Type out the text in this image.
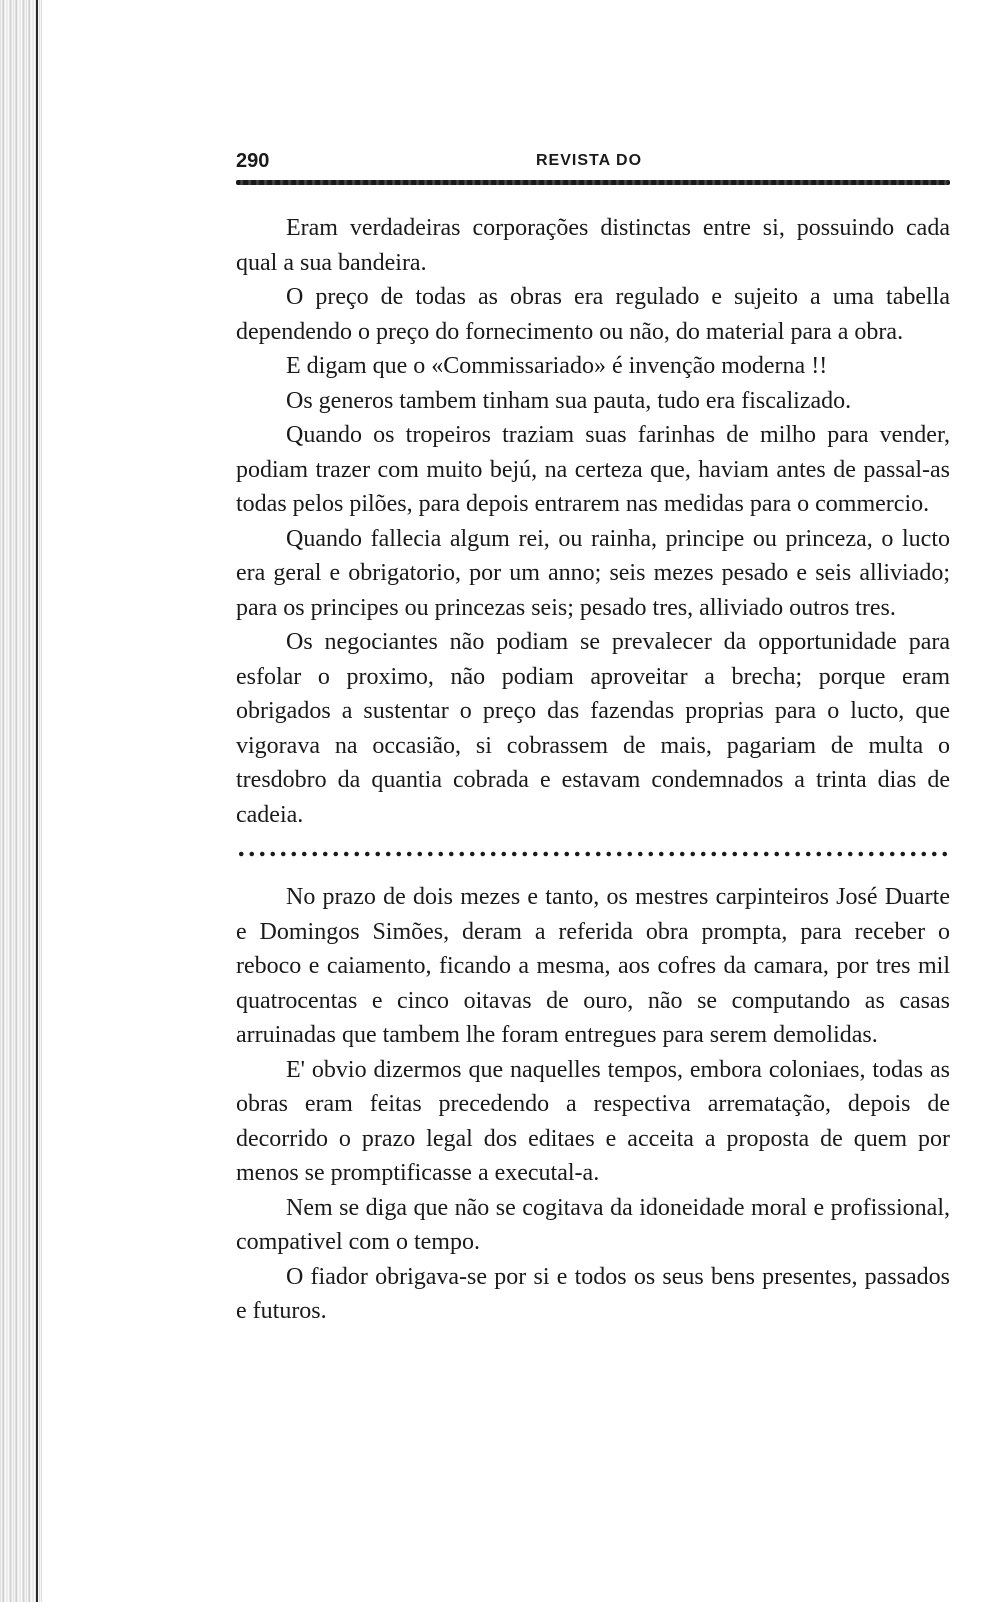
290	REVISTA DO

Eram verdadeiras corporações distinctas entre si, possuindo cada qual a sua bandeira.

O preço de todas as obras era regulado e sujeito a uma tabella dependendo o preço do fornecimento ou não, do material para a obra.

E digam que o «Commissariado» é invenção moderna !!

Os generos tambem tinham sua pauta, tudo era fiscalizado.

Quando os tropeiros traziam suas farinhas de milho para vender, podiam trazer com muito bejú, na certeza que, haviam antes de passal-as todas pelos pilões, para depois entrarem nas medidas para o commercio.

Quando fallecia algum rei, ou rainha, principe ou princeza, o lucto era geral e obrigatorio, por um anno; seis mezes pesado e seis alliviado; para os principes ou princezas seis; pesado tres, alliviado outros tres.

Os negociantes não podiam se prevalecer da opportunidade para esfolar o proximo, não podiam aproveitar a brecha; porque eram obrigados a sustentar o preço das fazendas proprias para o lucto, que vigorava na occasião, si cobrassem de mais, pagariam de multa o tresdobro da quantia cobrada e estavam condemnados a trinta dias de cadeia.

No prazo de dois mezes e tanto, os mestres carpinteiros José Duarte e Domingos Simões, deram a referida obra prompta, para receber o reboco e caiamento, ficando a mesma, aos cofres da camara, por tres mil quatrocentas e cinco oitavas de ouro, não se computando as casas arruinadas que tambem lhe foram entregues para serem demolidas.

E' obvio dizermos que naquelles tempos, embora coloniaes, todas as obras eram feitas precedendo a respectiva arrematação, depois de decorrido o prazo legal dos editaes e acceita a proposta de quem por menos se promptificasse a executal-a.

Nem se diga que não se cogitava da idoneidade moral e profissional, compativel com o tempo.

O fiador obrigava-se por si e todos os seus bens presentes, passados e futuros.
